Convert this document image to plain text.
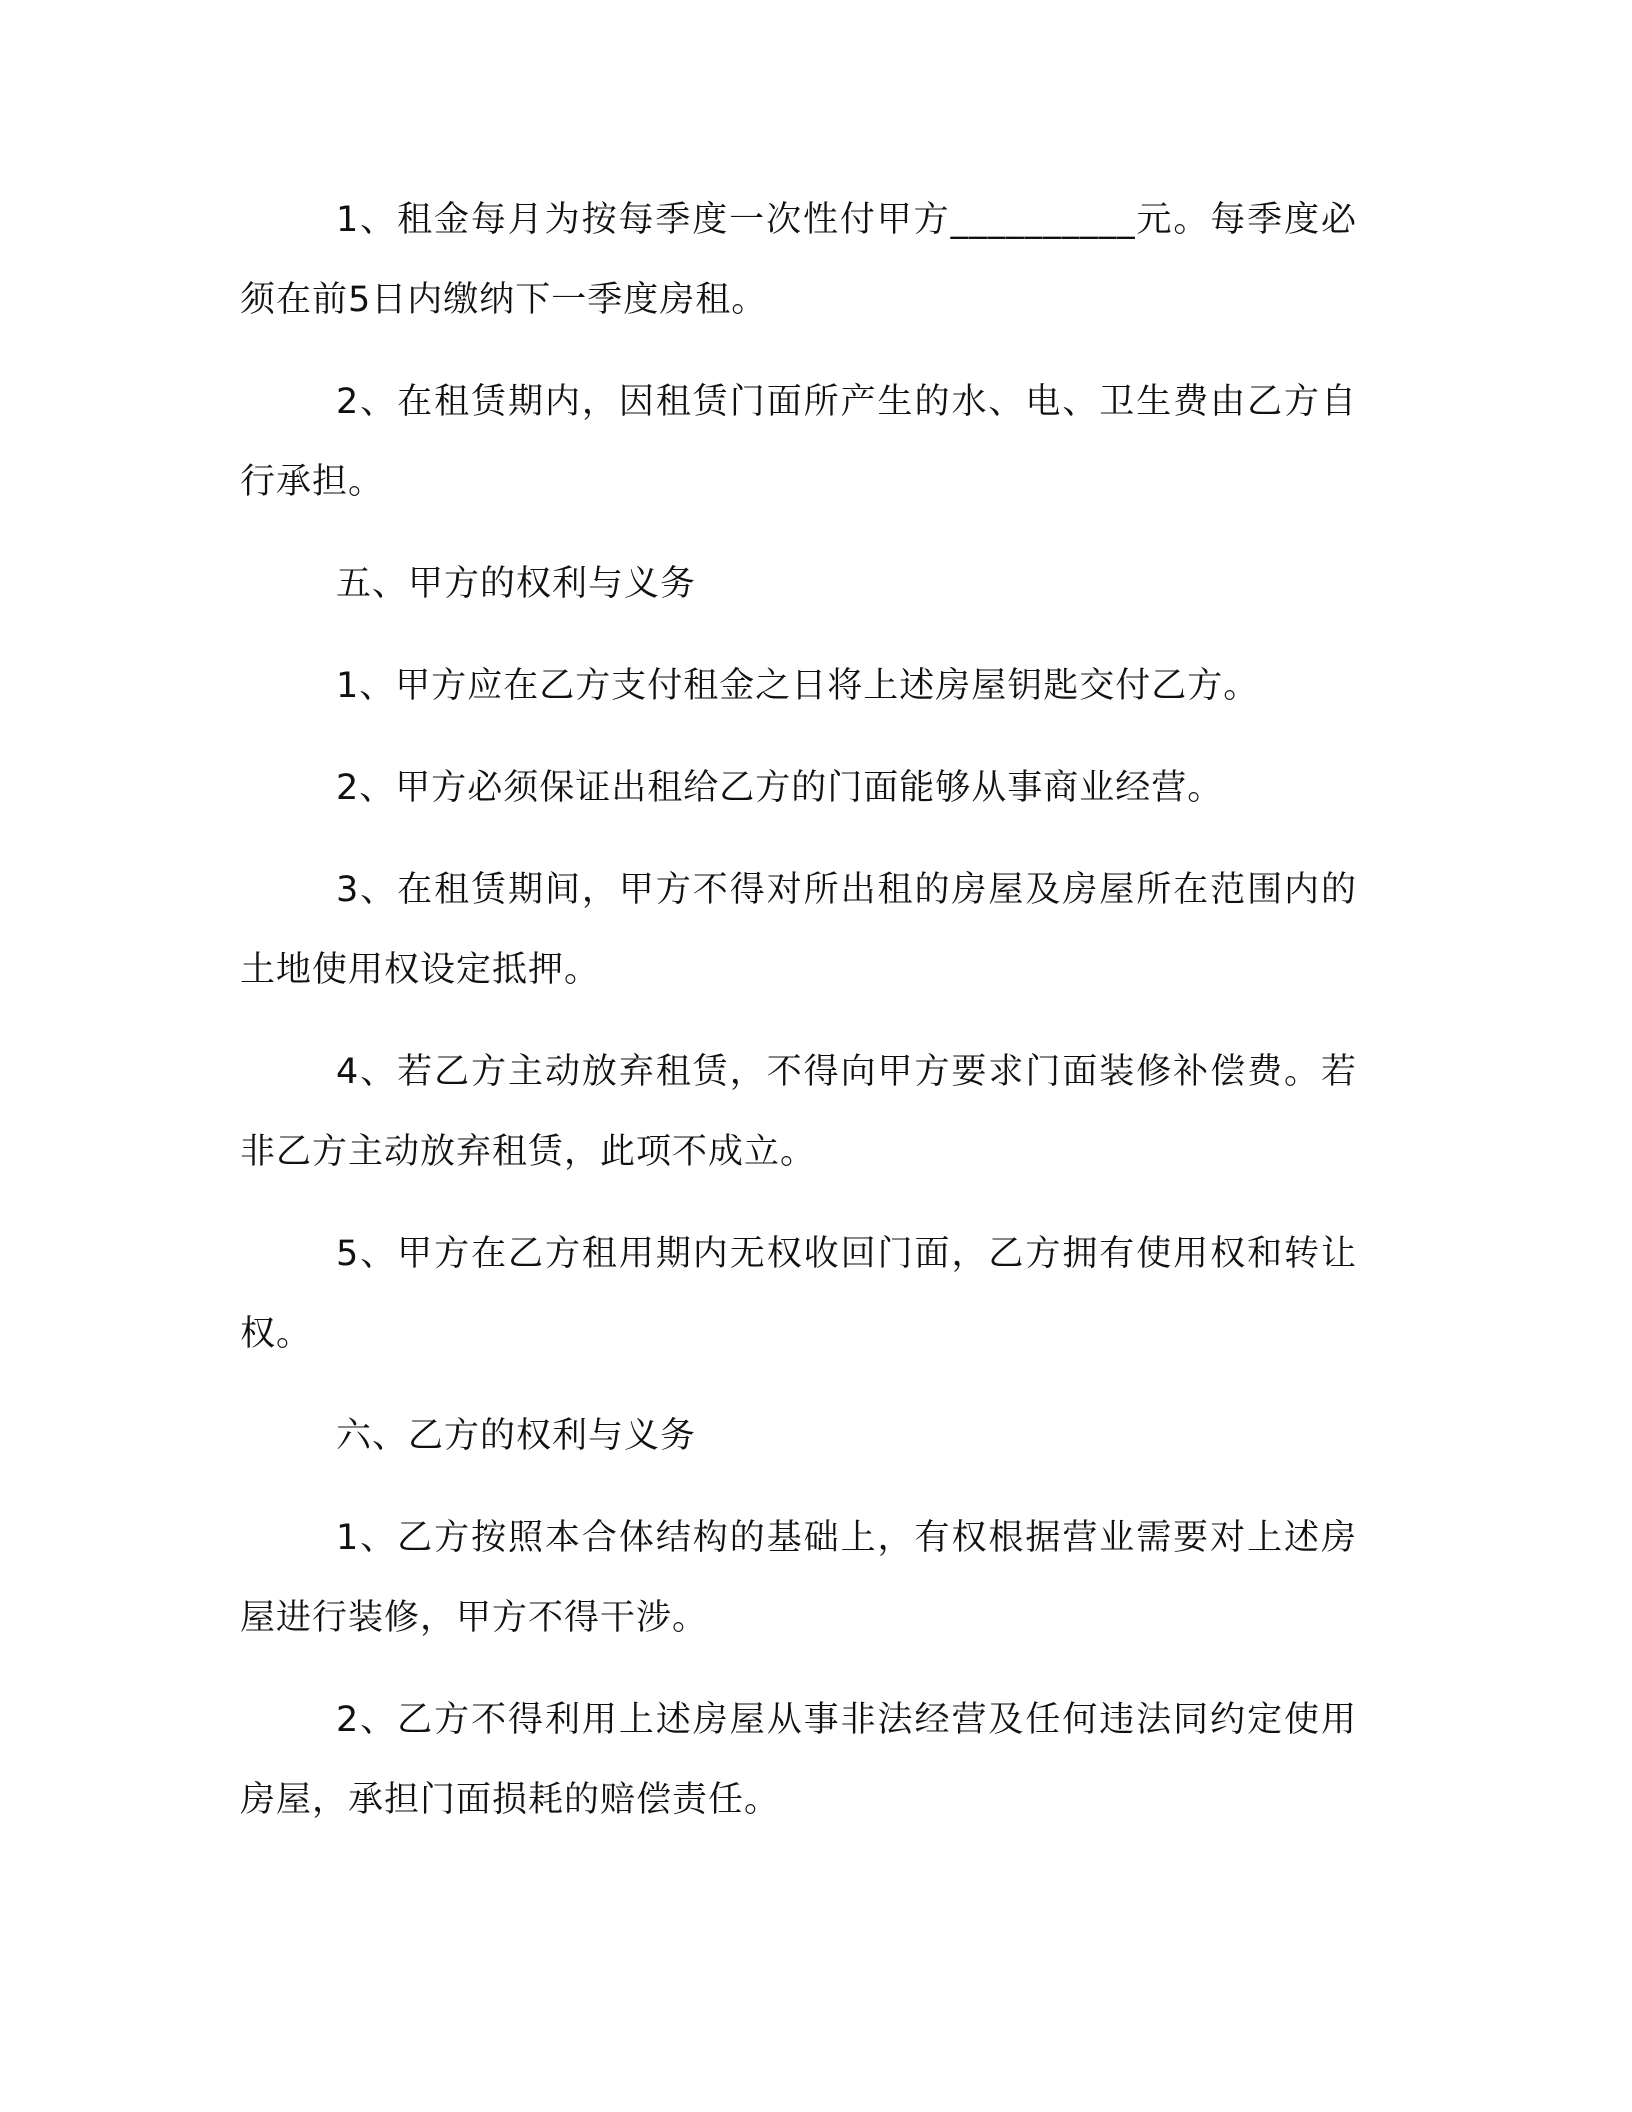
1、租金每月为按每季度一次性付甲方__________元。每季度必须在前5日内缴纳下一季度房租。

2、在租赁期内，因租赁门面所产生的水、电、卫生费由乙方自行承担。

五、甲方的权利与义务

1、甲方应在乙方支付租金之日将上述房屋钥匙交付乙方。

2、甲方必须保证出租给乙方的门面能够从事商业经营。

3、在租赁期间，甲方不得对所出租的房屋及房屋所在范围内的土地使用权设定抵押。

4、若乙方主动放弃租赁，不得向甲方要求门面装修补偿费。若非乙方主动放弃租赁，此项不成立。

5、甲方在乙方租用期内无权收回门面，乙方拥有使用权和转让权。

六、乙方的权利与义务

1、乙方按照本合体结构的基础上，有权根据营业需要对上述房屋进行装修，甲方不得干涉。

2、乙方不得利用上述房屋从事非法经营及任何违法同约定使用房屋，承担门面损耗的赔偿责任。
